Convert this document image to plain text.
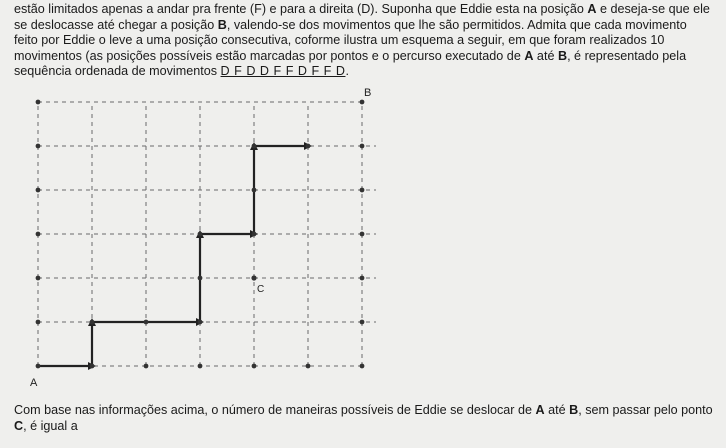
estão limitados apenas a andar pra frente (F) e para a direita (D). Suponha que Eddie esta na posição A e deseja-se que ele se deslocasse até chegar a posição B, valendo-se dos movimentos que lhe são permitidos. Admita que cada movimento feito por Eddie o leve a uma posição consecutiva, coforme ilustra um esquema a seguir, em que foram realizados 10 movimentos (as posições possíveis estão marcadas por pontos e o percurso executado de A até B, é representado pela sequência ordenada de movimentos D F D D F F D F F D.
B
C
A
Com base nas informações acima, o número de maneiras possíveis de Eddie se deslocar de A até B, sem passar pelo ponto C, é igual a
